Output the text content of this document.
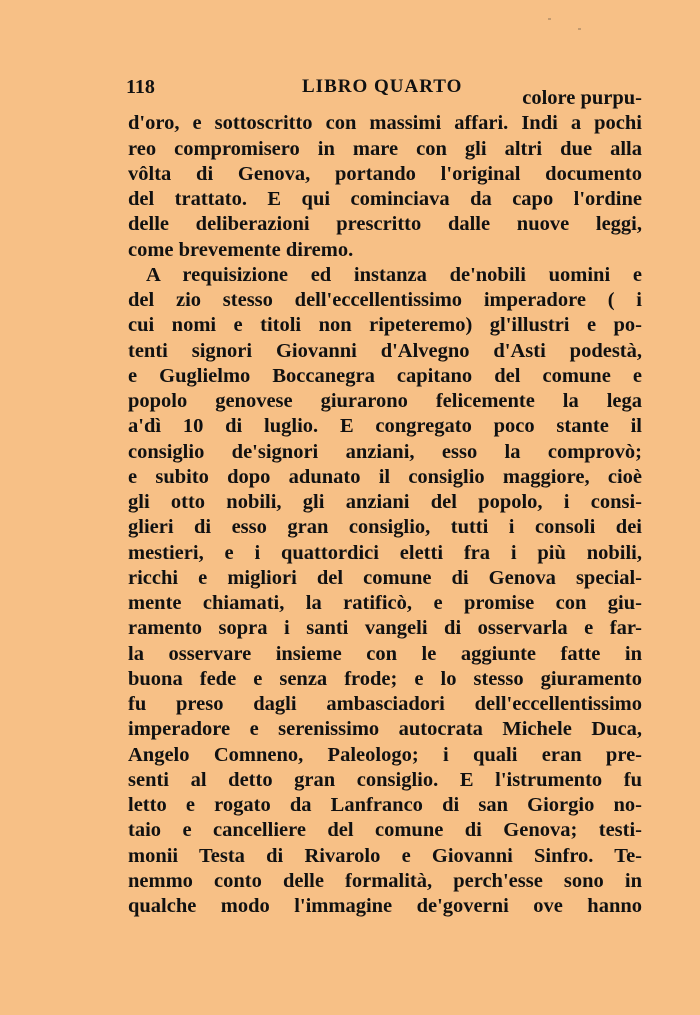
118	LIBRO QUARTO
colore purpu-
d'oro, e sottoscritto con massimi affari. Indi a pochi
reo compromisero in mare con gli altri due alla
vôlta di Genova, portando l'original documento
del trattato. E qui cominciava da capo l'ordine
delle deliberazioni prescritto dalle nuove leggi,
come brevemente diremo.
A requisizione ed instanza de'nobili uomini e
del zio stesso dell'eccellentissimo imperadore ( i
cui nomi e titoli non ripeteremo) gl'illustri e po-
tenti signori Giovanni d'Alvegno d'Asti podestà,
e Guglielmo Boccanegra capitano del comune e
popolo genovese giurarono felicemente la lega
a'dì 10 di luglio. E congregato poco stante il
consiglio de'signori anziani, esso la comprovò;
e subito dopo adunato il consiglio maggiore, cioè
gli otto nobili, gli anziani del popolo, i consi-
glieri di esso gran consiglio, tutti i consoli dei
mestieri, e i quattordici eletti fra i più nobili,
ricchi e migliori del comune di Genova special-
mente chiamati, la ratificò, e promise con giu-
ramento sopra i santi vangeli di osservarla e far-
la osservare insieme con le aggiunte fatte in
buona fede e senza frode; e lo stesso giuramento
fu preso dagli ambasciadori dell'eccellentissimo
imperadore e serenissimo autocrata Michele Duca,
Angelo Comneno, Paleologo; i quali eran pre-
senti al detto gran consiglio. E l'istrumento fu
letto e rogato da Lanfranco di san Giorgio no-
taio e cancelliere del comune di Genova; testi-
monii Testa di Rivarolo e Giovanni Sinfro. Te-
nemmo conto delle formalità, perch'esse sono in
qualche modo l'immagine de'governi ove hanno
